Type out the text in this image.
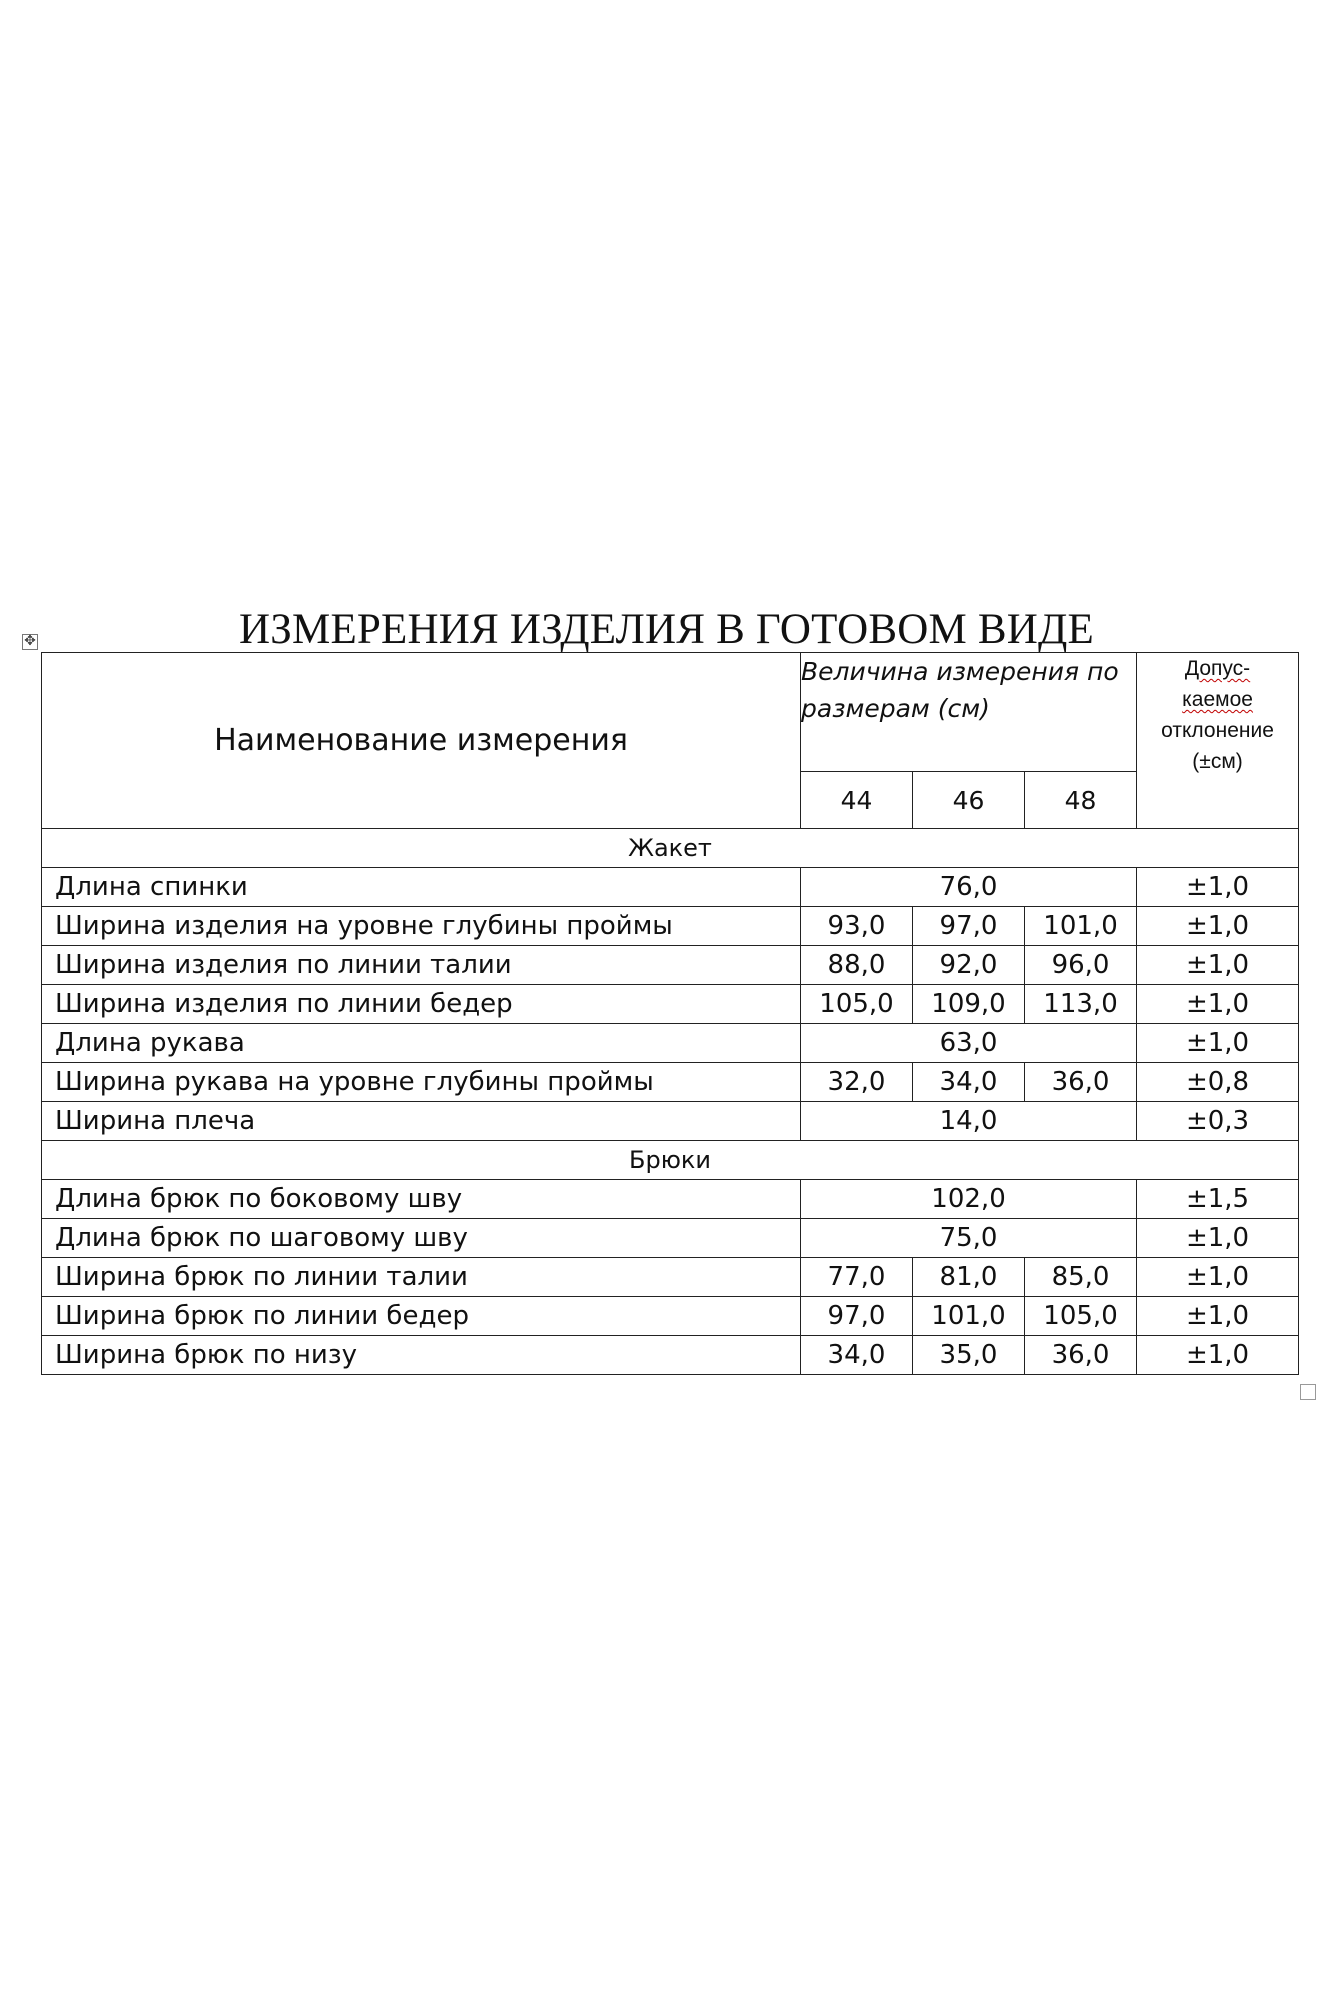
ИЗМЕРЕНИЯ ИЗДЕЛИЯ В ГОТОВОМ ВИДЕ
✥
Наименование измерения	Величина измерения по размерам (см)			Допус-
каемое
отклонение
(±см)
	44	46	48	
Жакет				
Длина спинки	76,0			±1,0
Ширина изделия на уровне глубины проймы	93,0	97,0	101,0	±1,0
Ширина изделия по линии талии	88,0	92,0	96,0	±1,0
Ширина изделия по линии бедер	105,0	109,0	113,0	±1,0
Длина рукава	63,0			±1,0
Ширина рукава на уровне глубины проймы	32,0	34,0	36,0	±0,8
Ширина плеча	14,0			±0,3
Брюки				
Длина брюк по боковому шву	102,0			±1,5
Длина брюк по шаговому шву	75,0			±1,0
Ширина брюк по линии талии	77,0	81,0	85,0	±1,0
Ширина брюк по линии бедер	97,0	101,0	105,0	±1,0
Ширина брюк по низу	34,0	35,0	36,0	±1,0
